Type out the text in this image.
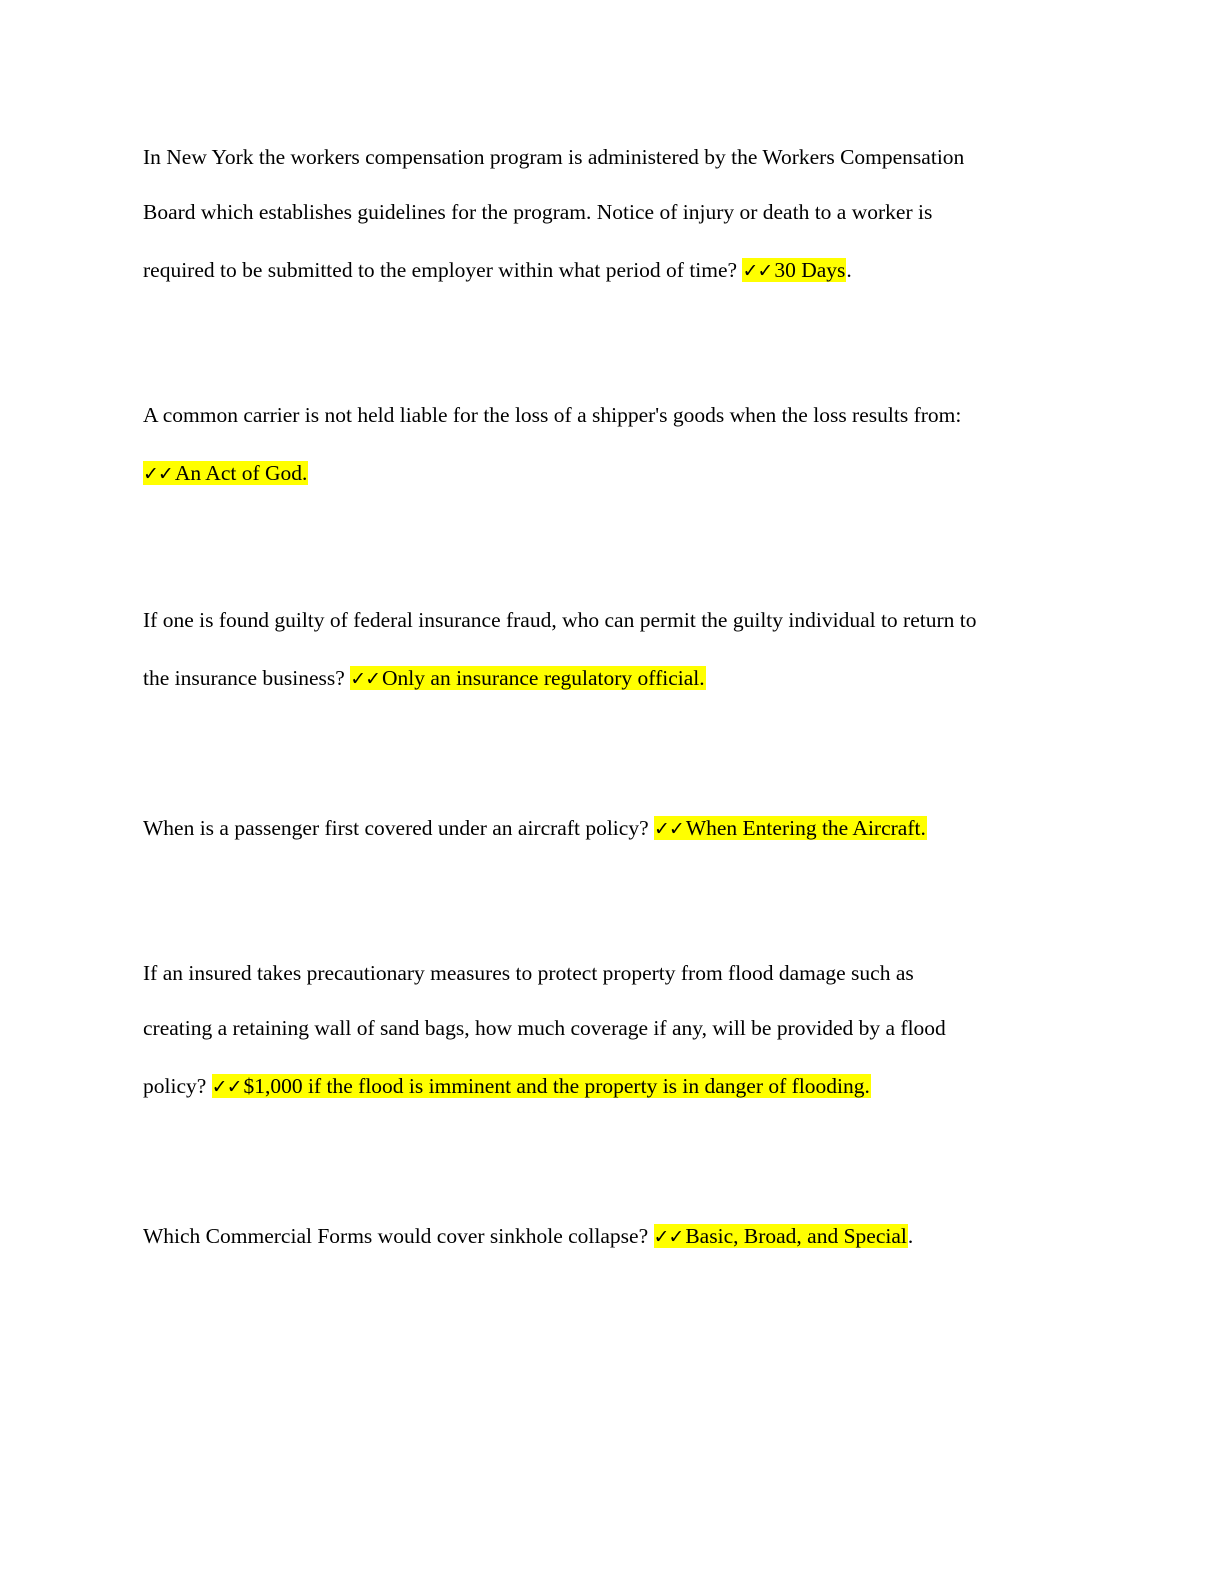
In New York the workers compensation program is administered by the Workers Compensation
Board which establishes guidelines for the program. Notice of injury or death to a worker is
required to be submitted to the employer within what period of time? ✓✓30 Days.
A common carrier is not held liable for the loss of a shipper's goods when the loss results from:
✓✓An Act of God.
If one is found guilty of federal insurance fraud, who can permit the guilty individual to return to
the insurance business? ✓✓Only an insurance regulatory official.
When is a passenger first covered under an aircraft policy? ✓✓When Entering the Aircraft.
If an insured takes precautionary measures to protect property from flood damage such as
creating a retaining wall of sand bags, how much coverage if any, will be provided by a flood
policy? ✓✓$1,000 if the flood is imminent and the property is in danger of flooding.
Which Commercial Forms would cover sinkhole collapse? ✓✓Basic, Broad, and Special.
